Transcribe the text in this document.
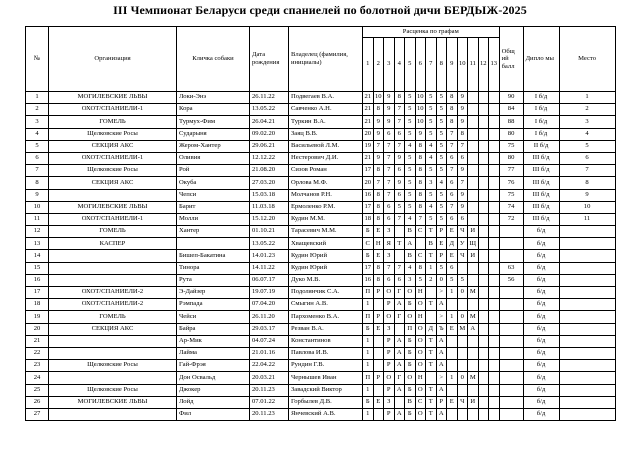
III Чемпионат Беларуси среди спаниелей по болотной дичи БЕРДЫЖ-2025
№	Организация	Кличка собаки	Дата рождения	Владелец (фамилия, инициалы)	Расценка по графам													Общ ий балл	Дипло мы	Место
					1	2	3	4	5	6	7	8	9	10	11	12	13			
1	МОГИЛЕВСКИЕ ЛЬВЫ	Локи-Энэ	26.11.22	Подвегаев В.А.	21	10	9	8	5	10	5	5	8	9				90	I б/д	1
2	ОХОТ/СПАНИЕЛИ-1	Кора	13.05.22	Савченко А.Н.	21	8	9	7	5	10	5	5	8	9				84	I б/д	2
3	ГОМЕЛЬ	Турмух-Фим	26.04.21	Туркин В.А.	21	9	9	7	5	10	5	5	8	9				88	I б/д	3
4	Щелковские Росы	Сударыня	09.02.20	Заяц В.В.	20	9	6	6	5	9	5	5	7	8				80	I б/д	4
5	СЕКЦИЯ АКС	Жером-Хантер	29.06.21	Васильевой Л.М.	19	7	7	7	4	8	4	5	7	7				75	II б/д	5
6	ОХОТ/СПАНИЕЛИ-1	Оливия	12.12.22	Нестерович Д.И.	21	9	7	9	5	8	4	5	6	6				80	III б/д	6
7	Щелковские Росы	Рой	21.08.20	Сизов Роман	17	8	7	6	5	8	5	5	7	9				77	III б/д	7
8	СЕКЦИЯ АКС	Окуба	27.03.20	Орлова М.Ф.	20	7	7	9	5	8	3	4	6	7				76	III б/д	8
9		Чепси	15.03.18	Молчанов Р.Н.	16	8	7	6	5	8	5	5	6	9				75	III б/д	9
10	МОГИЛЕВСКИЕ ЛЬВЫ	Барит	11.03.18	Ермоленко Р.М.	17	8	6	5	5	8	4	5	7	9				74	III б/д	10
11	ОХОТ/СПАНИЕЛИ-1	Молли	15.12.20	Кудин М.М.	18	8	6	7	4	7	5	5	6	6				72	III б/д	11
12	ГОМЕЛЬ	Хантер	01.10.21	Тарасевич М.М.	Б	Е	З		В	С	Т	Р	Е	Ч	И				б/д	
13	КАСПЕР		13.05.22	Хващевский	С	Н	Я	Т	А		В	Е	Д	У	Щ				б/д	
14		Бишеп-Бакатина	14.01.23	Кудин Юрий	Б	Е	З		В	С	Т	Р	Е	Ч	И				б/д	
15		Тинора	14.11.22	Кудин Юрий	17	8	7	7	4	8	1	5	6					63	б/д	
16		Рута	06.07.17	Дуко М.В.	16	8	6	6	3	5	2	0	5	5				56	б/д	
17	ОХОТ/СПАНИЕЛИ-2	Э-Дайзер	19.07.19	Подолянчик С.А.	П	Р	О	Г	О	Н		>	1	0	М				б/д	
18	ОХОТ/СПАНИЕЛИ-2	Рэмпада	07.04.20	Смыгин А.В.	1		Р	А	Б	О	Т	А							б/д	
19	ГОМЕЛЬ	Чейси	26.11.20	Пархоменко В.А.	П	Р	О	Г	О	Н		>	1	0	М				б/д	
20	СЕКЦИЯ АКС	Байра	29.03.17	Резван В.А.	Б	Е	З		П	О	Д	Ъ	Е	М	А				б/д	
21		Ар-Мик	04.07.24	Константинов	1		Р	А	Б	О	Т	А							б/д	
22		Лайма	21.01.16	Павлова И.В.	1		Р	А	Б	О	Т	А							б/д	
23	Щелковские Росы	Гай-Фрэя	22.04.22	Рундин Г.В.	1		Р	А	Б	О	Т	А							б/д	
24		Дон Освальд	20.03.21	Чернышев Иван	П	Р	О	Г	О	Н		>	1	0	М				б/д	
25	Щелковские Росы	Джокер	20.11.23	Завадский Виктор	1		Р	А	Б	О	Т	А							б/д	
26	МОГИЛЕВСКИЕ ЛЬВЫ	Лойд	07.01.22	Горбылев Д.В.	Б	Е	З		В	С	Т	Р	Е	Ч	И				б/д	
27		Фил	20.11.23	Янчевский А.В.	1		Р	А	Б	О	Т	А							б/д	
